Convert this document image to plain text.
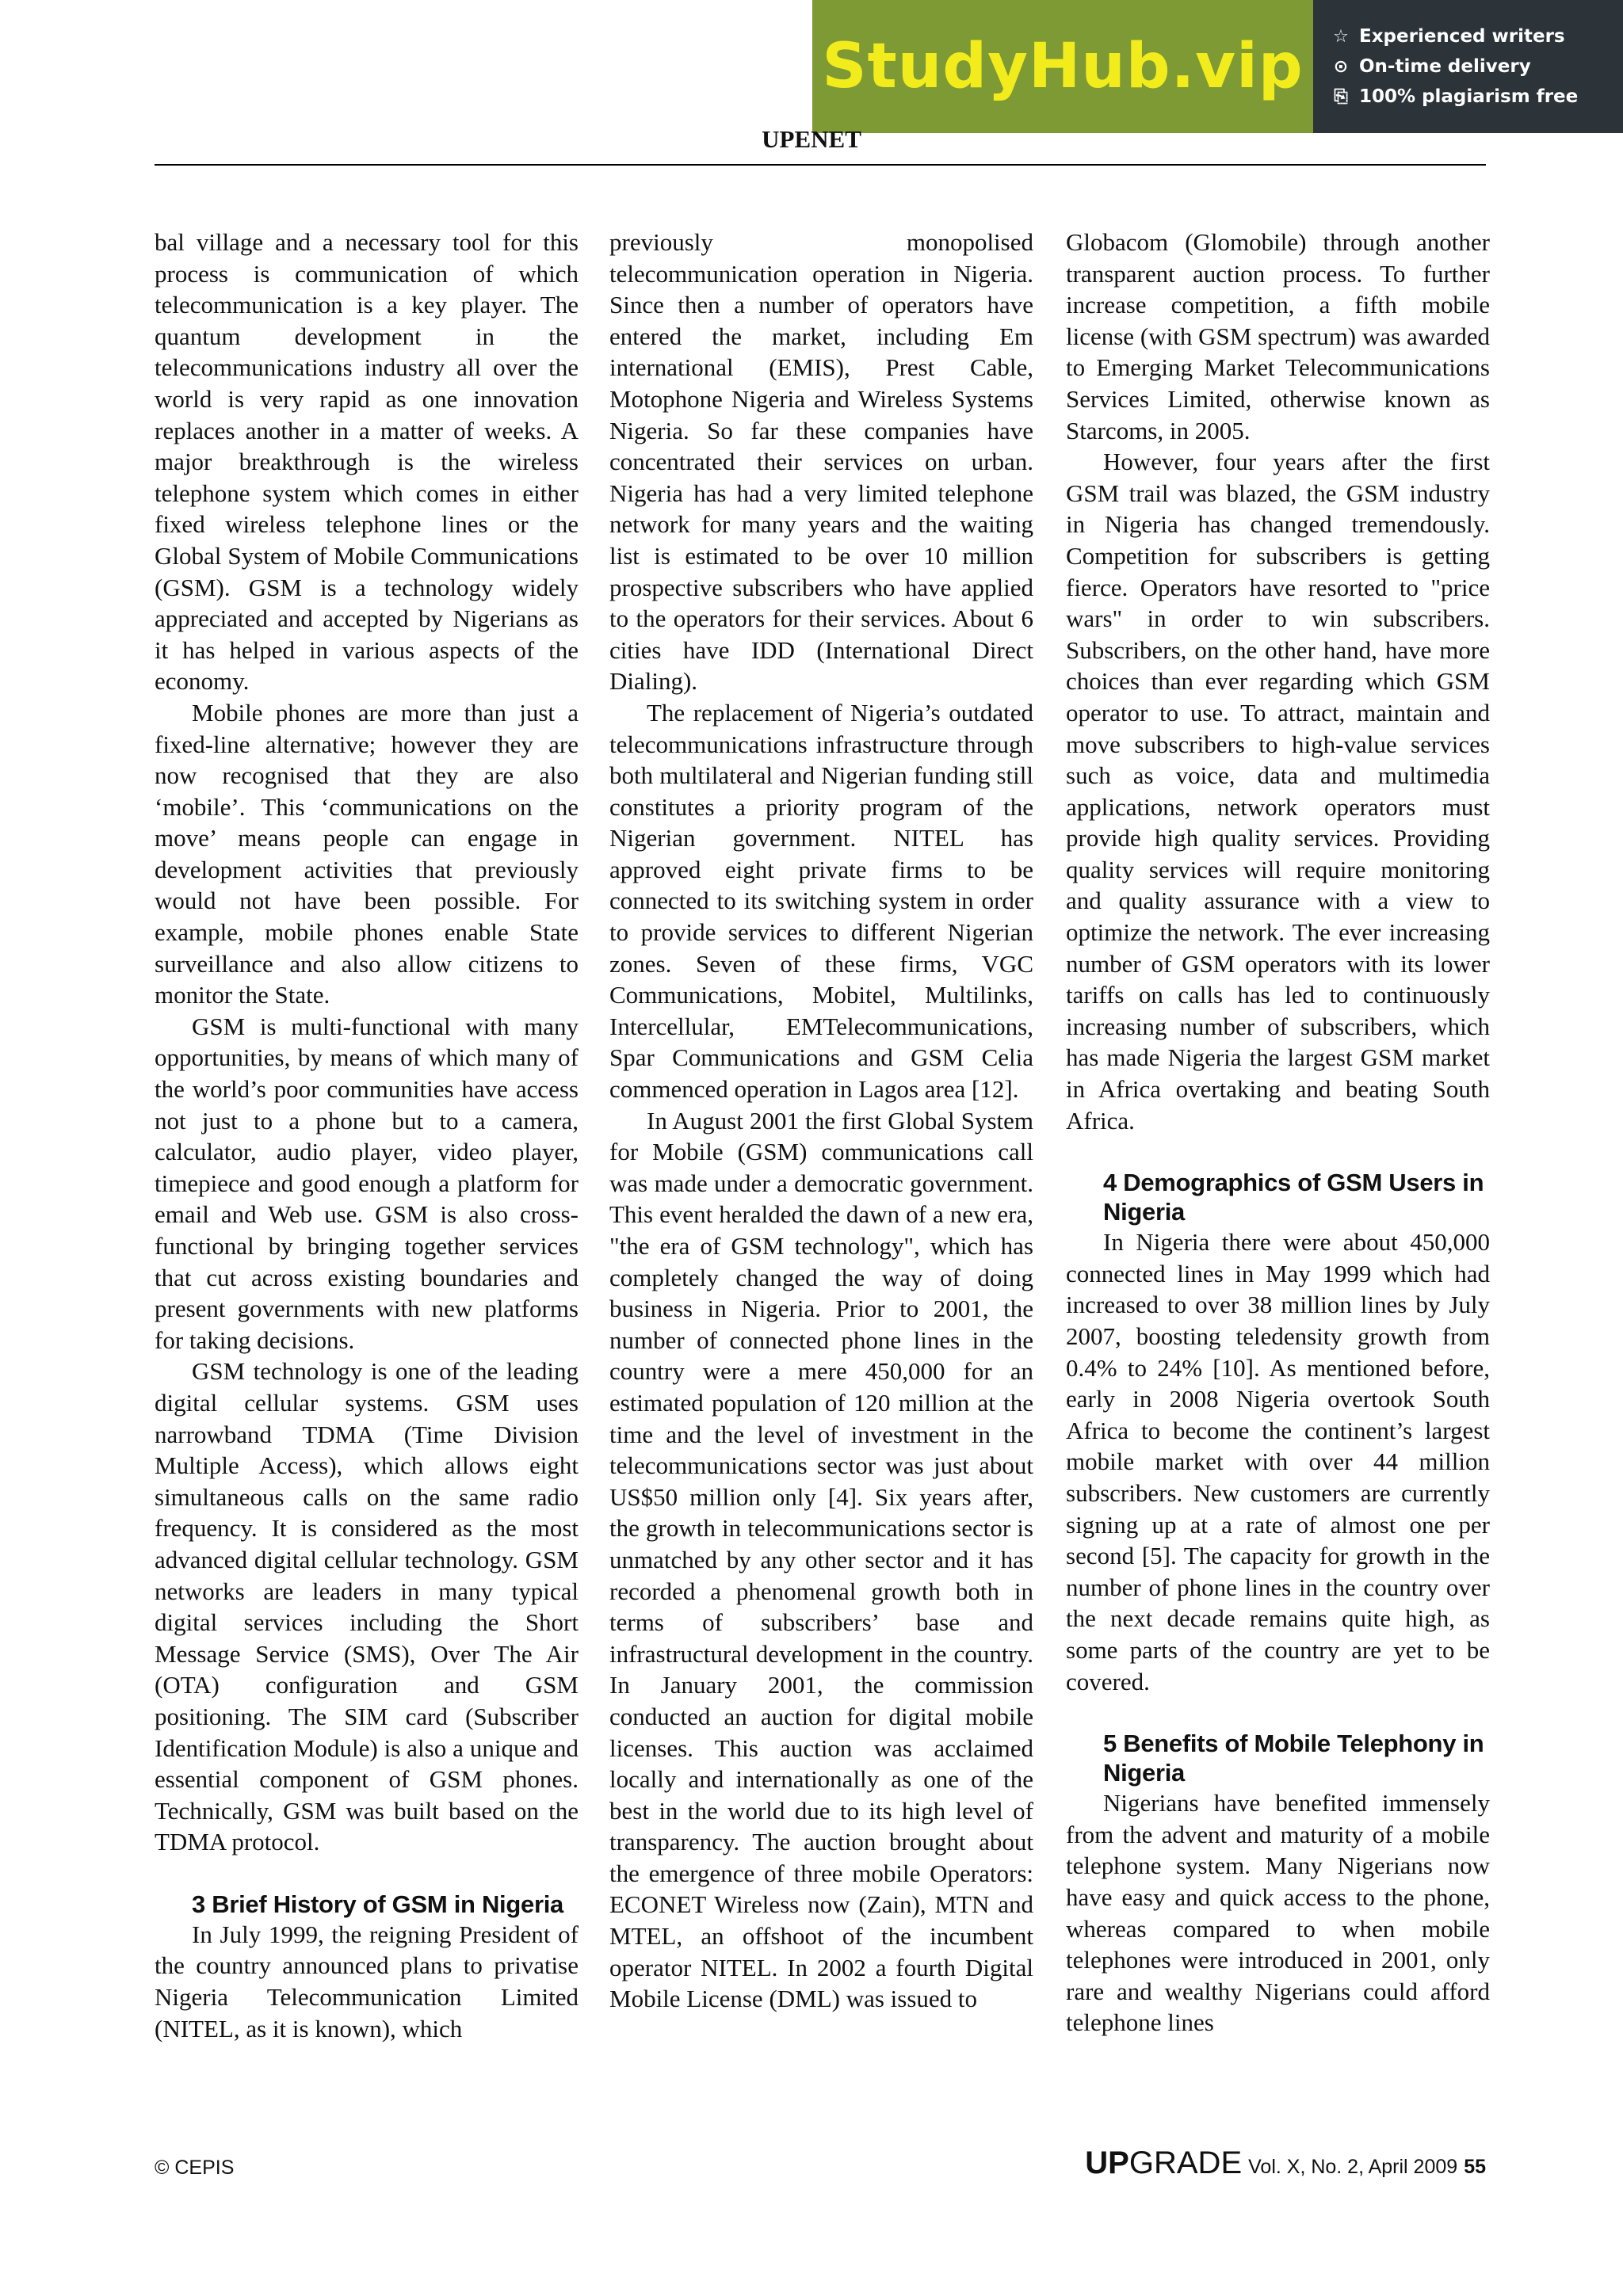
StudyHub.vip	☆ Experienced writers
⊙ On-time delivery
⎘ 100% plagiarism free
UPENET

bal village and a necessary tool for this process is communication of which telecommunication is a key player. The quantum development in the telecommunications industry all over the world is very rapid as one innovation replaces another in a matter of weeks. A major breakthrough is the wireless telephone system which comes in either fixed wireless telephone lines or the Global System of Mobile Communications (GSM). GSM is a technology widely appreciated and accepted by Nigerians as it has helped in various aspects of the economy.

Mobile phones are more than just a fixed-line alternative; however they are now recognised that they are also ‘mobile’. This ‘communications on the move’ means people can engage in development activities that previously would not have been possible. For example, mobile phones enable State surveillance and also allow citizens to monitor the State.

GSM is multi-functional with many opportunities, by means of which many of the world’s poor communities have access not just to a phone but to a camera, calculator, audio player, video player, timepiece and good enough a platform for email and Web use. GSM is also cross-functional by bringing together services that cut across existing boundaries and present governments with new platforms for taking decisions.

GSM technology is one of the leading digital cellular systems. GSM uses narrowband TDMA (Time Division Multiple Access), which allows eight simultaneous calls on the same radio frequency. It is considered as the most advanced digital cellular technology. GSM networks are leaders in many typical digital services including the Short Message Service (SMS), Over The Air (OTA) configuration and GSM positioning. The SIM card (Subscriber Identification Module) is also a unique and essential component of GSM phones. Technically, GSM was built based on the TDMA protocol.

3 Brief History of GSM in Nigeria

In July 1999, the reigning President of the country announced plans to privatise Nigeria Telecommunication Limited (NITEL, as it is known), which

previously monopolised telecommunication operation in Nigeria. Since then a number of operators have entered the market, including Em international (EMIS), Prest Cable, Motophone Nigeria and Wireless Systems Nigeria. So far these companies have concentrated their services on urban. Nigeria has had a very limited telephone network for many years and the waiting list is estimated to be over 10 million prospective subscribers who have applied to the operators for their services. About 6 cities have IDD (International Direct Dialing).

The replacement of Nigeria’s outdated telecommunications infrastructure through both multilateral and Nigerian funding still constitutes a priority program of the Nigerian government. NITEL has approved eight private firms to be connected to its switching system in order to provide services to different Nigerian zones. Seven of these firms, VGC Communications, Mobitel, Multilinks, Intercellular, EMTelecommunications, Spar Communications and GSM Celia commenced operation in Lagos area [12].

In August 2001 the first Global System for Mobile (GSM) communications call was made under a democratic government. This event heralded the dawn of a new era, "the era of GSM technology", which has completely changed the way of doing business in Nigeria. Prior to 2001, the number of connected phone lines in the country were a mere 450,000 for an estimated population of 120 million at the time and the level of investment in the telecommunications sector was just about US$50 million only [4]. Six years after, the growth in telecommunications sector is unmatched by any other sector and it has recorded a phenomenal growth both in terms of subscribers’ base and infrastructural development in the country. In January 2001, the commission conducted an auction for digital mobile licenses. This auction was acclaimed locally and internationally as one of the best in the world due to its high level of transparency. The auction brought about the emergence of three mobile Operators: ECONET Wireless now (Zain), MTN and MTEL, an offshoot of the incumbent operator NITEL. In 2002 a fourth Digital Mobile License (DML) was issued to

Globacom (Glomobile) through another transparent auction process. To further increase competition, a fifth mobile license (with GSM spectrum) was awarded to Emerging Market Telecommunications Services Limited, otherwise known as Starcoms, in 2005.

However, four years after the first GSM trail was blazed, the GSM industry in Nigeria has changed tremendously. Competition for subscribers is getting fierce. Operators have resorted to "price wars" in order to win subscribers. Subscribers, on the other hand, have more choices than ever regarding which GSM operator to use. To attract, maintain and move subscribers to high-value services such as voice, data and multimedia applications, network operators must provide high quality services. Providing quality services will require monitoring and quality assurance with a view to optimize the network. The ever increasing number of GSM operators with its lower tariffs on calls has led to continuously increasing number of subscribers, which has made Nigeria the largest GSM market in Africa overtaking and beating South Africa.

4 Demographics of GSM Users in Nigeria

In Nigeria there were about 450,000 connected lines in May 1999 which had increased to over 38 million lines by July 2007, boosting teledensity growth from 0.4% to 24% [10]. As mentioned before, early in 2008 Nigeria overtook South Africa to become the continent’s largest mobile market with over 44 million subscribers. New customers are currently signing up at a rate of almost one per second [5]. The capacity for growth in the number of phone lines in the country over the next decade remains quite high, as some parts of the country are yet to be covered.

5 Benefits of Mobile Telephony in Nigeria

Nigerians have benefited immensely from the advent and maturity of a mobile telephone system. Many Nigerians now have easy and quick access to the phone, whereas compared to when mobile telephones were introduced in 2001, only rare and wealthy Nigerians could afford telephone lines

© CEPIS	UP GRADE Vol. X, No. 2, April 2009 55
